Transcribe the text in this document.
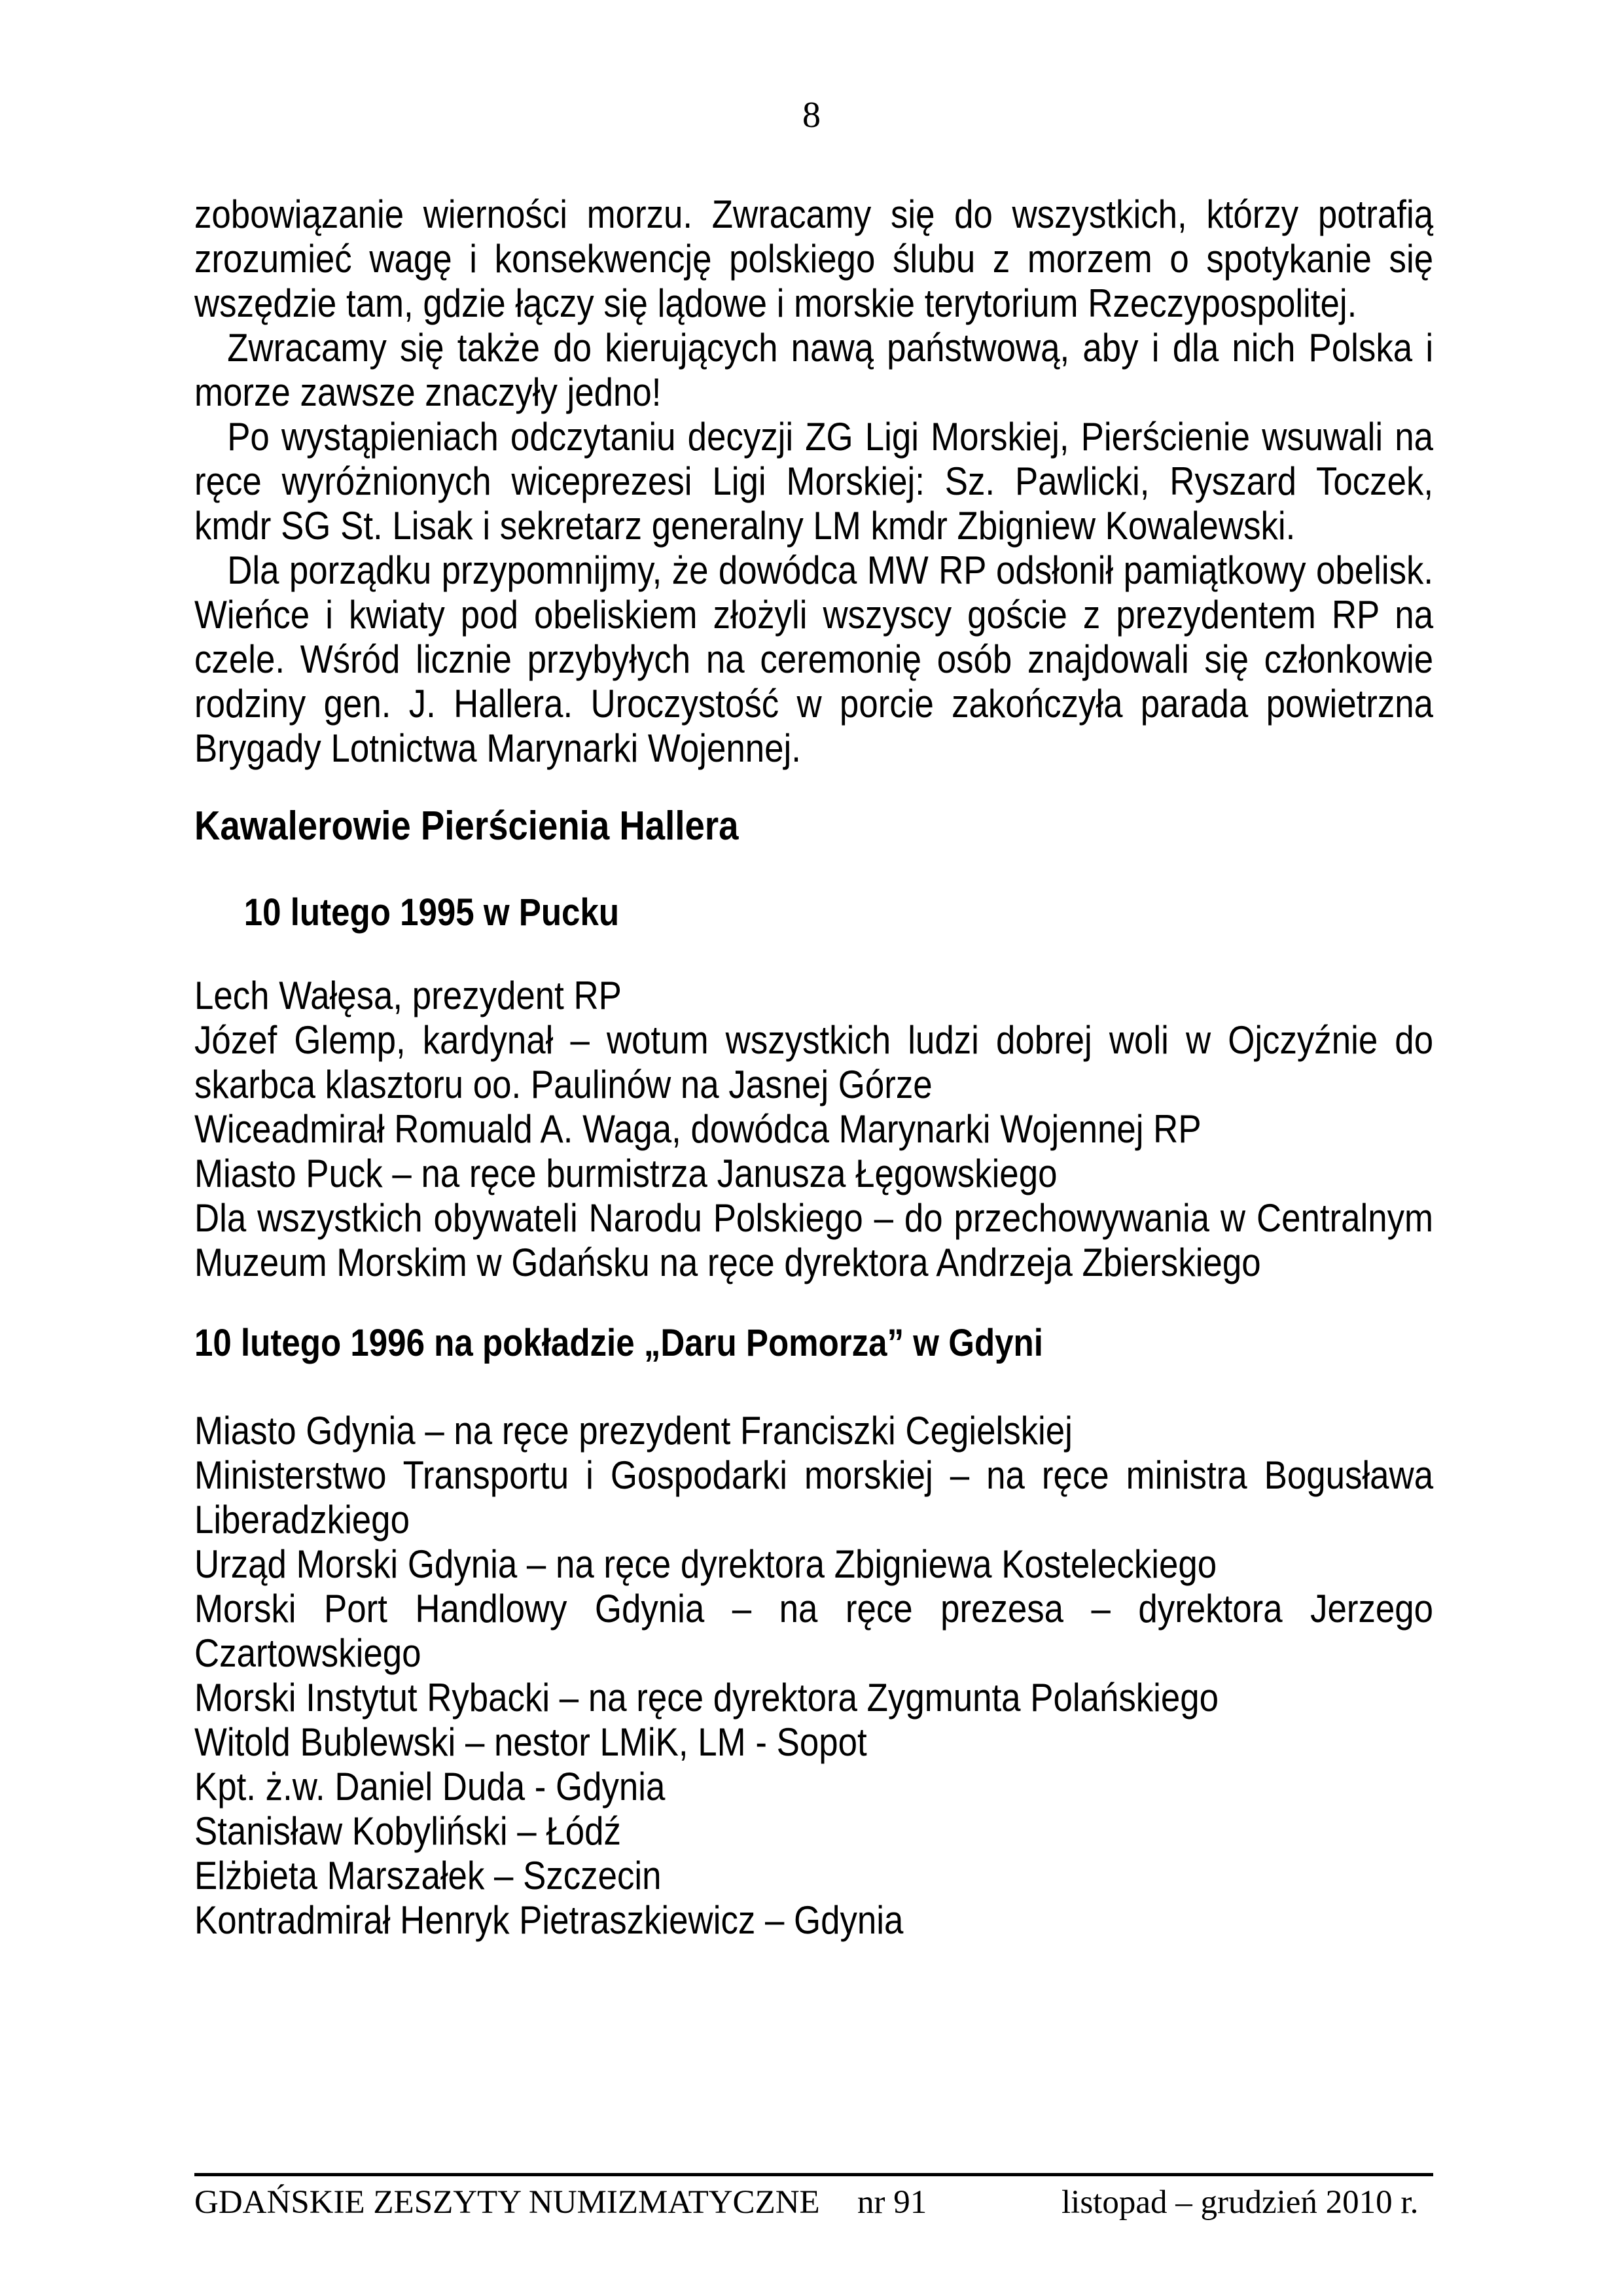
8

zobowiązanie wierności morzu. Zwracamy się do wszystkich, którzy potrafią zrozumieć wagę i konsekwencję polskiego ślubu z morzem o spotykanie się wszędzie tam, gdzie łączy się lądowe i morskie terytorium Rzeczypospolitej.

Zwracamy się także do kierujących nawą państwową, aby i dla nich Polska i morze zawsze znaczyły jedno!

Po wystąpieniach odczytaniu decyzji ZG Ligi Morskiej, Pierścienie wsuwali na ręce wyróżnionych wiceprezesi Ligi Morskiej: Sz. Pawlicki, Ryszard Toczek, kmdr SG St. Lisak i sekretarz generalny LM kmdr Zbigniew Kowalewski.

Dla porządku przypomnijmy, że dowódca MW RP odsłonił pamiątkowy obelisk. Wieńce i kwiaty pod obeliskiem złożyli wszyscy goście z prezydentem RP na czele. Wśród licznie przybyłych na ceremonię osób znajdowali się członkowie rodziny gen. J. Hallera. Uroczystość w porcie zakończyła parada powietrzna Brygady Lotnictwa Marynarki Wojennej.

Kawalerowie Pierścienia Hallera
10 lutego 1995 w Pucku

Lech Wałęsa, prezydent RP

Józef Glemp, kardynał – wotum wszystkich ludzi dobrej woli w Ojczyźnie do skarbca klasztoru oo. Paulinów na Jasnej Górze

Wiceadmirał Romuald A. Waga, dowódca Marynarki Wojennej RP

Miasto Puck – na ręce burmistrza Janusza Łęgowskiego

Dla wszystkich obywateli Narodu Polskiego – do przechowywania w Centralnym Muzeum Morskim w Gdańsku na ręce dyrektora Andrzeja Zbierskiego

10 lutego 1996 na pokładzie „Daru Pomorza” w Gdyni

Miasto Gdynia – na ręce prezydent Franciszki Cegielskiej

Ministerstwo Transportu i Gospodarki morskiej – na ręce ministra Bogusława Liberadzkiego

Urząd Morski Gdynia – na ręce dyrektora Zbigniewa Kosteleckiego

Morski Port Handlowy Gdynia – na ręce prezesa – dyrektora Jerzego Czartowskiego

Morski Instytut Rybacki – na ręce dyrektora Zygmunta Polańskiego

Witold Bublewski – nestor LMiK, LM - Sopot

Kpt. ż.w. Daniel Duda - Gdynia

Stanisław Kobyliński – Łódź

Elżbieta Marszałek – Szczecin

Kontradmirał Henryk Pietraszkiewicz – Gdynia

GDAŃSKIE ZESZYTY NUMIZMATYCZNE nr 91	listopad – grudzień 2010 r.
